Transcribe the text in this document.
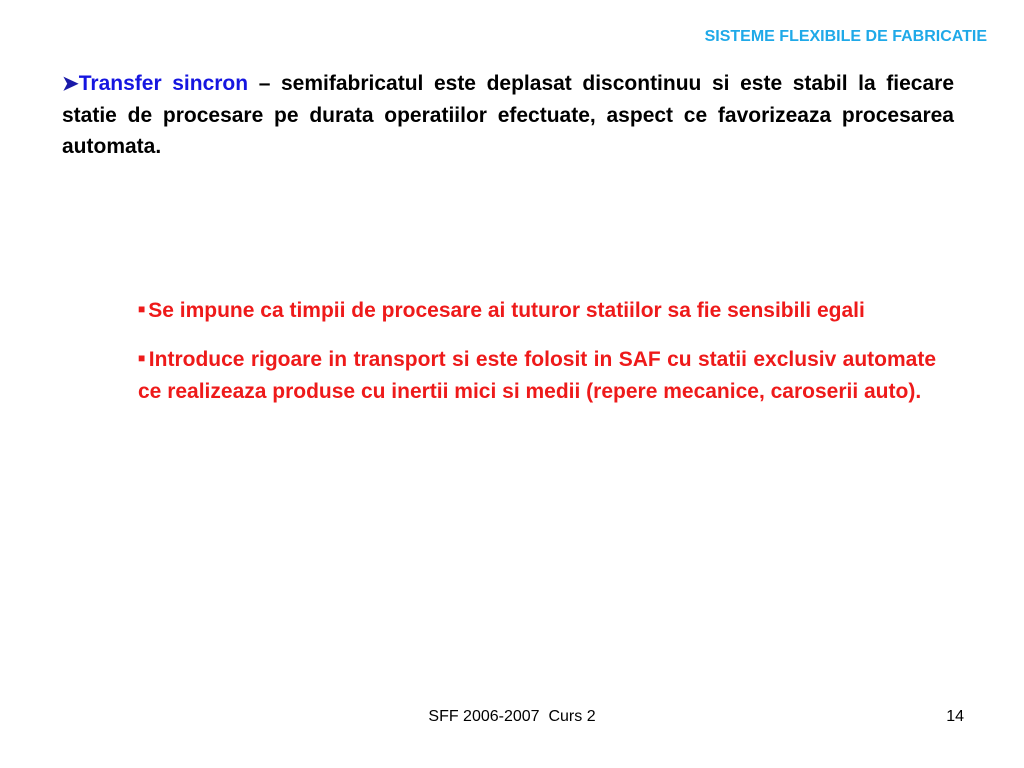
SISTEME FLEXIBILE DE FABRICATIE
➤Transfer sincron – semifabricatul este deplasat discontinuu si este stabil la fiecare statie de procesare pe durata operatiilor efectuate, aspect ce favorizeaza procesarea automata.
■ Se impune ca timpii de procesare ai tuturor statiilor sa fie sensibili egali
■ Introduce rigoare in transport si este folosit in SAF cu statii exclusiv automate ce realizeaza produse cu inertii mici si medii (repere mecanice, caroserii auto).
SFF 2006-2007  Curs 2	14
